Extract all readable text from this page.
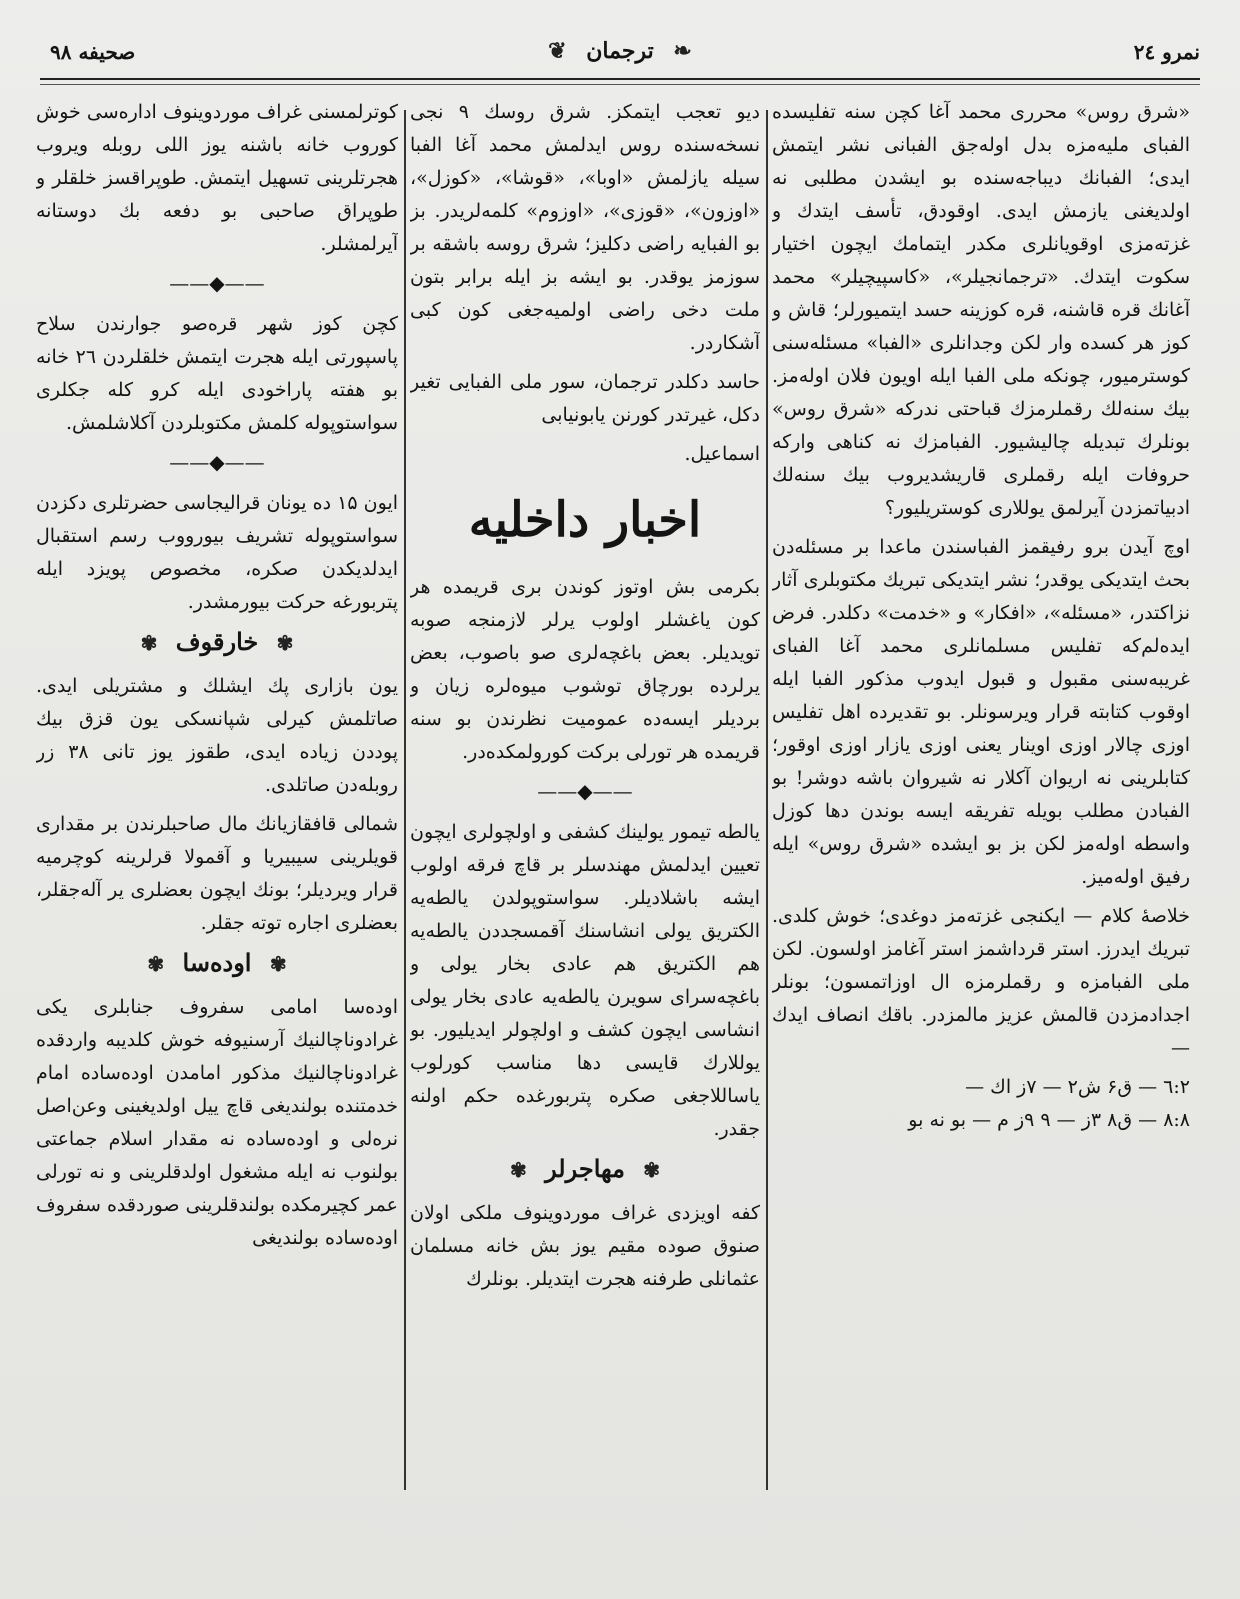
صحیفه ۹۸	❦ ترجمان ❧	نمرو ۲٤

«شرق روس» محرری محمد آغا کچن سنه تفلیسده الفبای ملیه‌مزه بدل اوله‌جق الفبانی نشر ایتمش ایدی؛ الفبانك دیباجه‌سنده بو ایشدن مطلبی نه اولدیغنی یازمش ایدی. اوقودق، تأسف ایتدك و غزته‌مزی اوقویانلری مکدر ایتمامك ایچون اختیار سکوت ایتدك. «ترجمانجیلر»، «کاسپیچیلر» محمد آغانك قره قاشنه، قره کوزینه حسد ایتمیورلر؛ قاش و کوز هر کسده وار لکن وجدانلری «الفبا» مسئله‌سنی کوسترمیور، چونکه ملی الفبا ایله اویون فلان اوله‌مز. بیك سنه‌لك رقملرمزك قباحتی ندرکه «شرق روس» بونلرك تبدیله چالیشیور. الفبامزك نه کناهی وارکه حروفات ایله رقملری قاریشدیروب بیك سنه‌لك ادبیاتمزدن آیرلمق یوللاری کوستریلیور؟

اوچ آیدن برو رفیقمز الفباسندن ماعدا بر مسئله‌دن بحث ایتدیکی یوقدر؛ نشر ایتدیکی تبریك مکتوبلری آثار نزاکتدر، «مسئله»، «افکار» و «خدمت» دکلدر. فرض ایده‌لم‌که تفلیس مسلمانلری محمد آغا الفبای غریبه‌سنی مقبول و قبول ایدوب مذکور الفبا ایله اوقوب کتابته قرار ویرسونلر. بو تقدیرده اهل تفلیس اوزی چالار اوزی اوینار یعنی اوزی یازار اوزی اوقور؛ کتابلرینی نه اریوان آکلار نه شیروان باشه دوشر! بو الفبادن مطلب بویله تفریقه ایسه بوندن دها کوزل واسطه اوله‌مز لکن بز بو ایشده «شرق روس» ایله رفیق اوله‌میز.

خلاصهٔ کلام — ایکنجی غزته‌مز دوغدی؛ خوش کلدی. تبریك ایدرز. استر قرداشمز استر آغامز اولسون. لکن ملی الفبامزه و رقملرمزه ال اوزاتمسون؛ بونلر اجدادمزدن قالمش عزیز مالمزدر. باقك انصاف ایدك —

۲:٦ — ق۶ ش۲ — ۷ز اك —
۸:۸ — ق۸ ۳ز — ۹ ۹ز م — بو نه بو

دیو تعجب ایتمکز. شرق روسك ۹ نجی نسخه‌سنده روس ایدلمش محمد آغا الفبا سیله یازلمش «اوبا»، «قوشا»، «کوزل»، «اوزون»، «قوزی»، «اوزوم» کلمه‌لریدر. بز بو الفبایه راضی دکلیز؛ شرق روسه باشقه بر سوزمز یوقدر. بو ایشه بز ایله برابر بتون ملت دخی راضی اولمیه‌جغی کون کبی آشکاردر.

حاسد دکلدر ترجمان، سور ملی الفبایی تغیر دکل، غیرتدر کورنن یابونیابی

اسماعیل.
اخبار داخلیه

بکرمی بش اوتوز کوندن بری قریمده هر کون یاغشلر اولوب یرلر لازمنجه صوبه تویدیلر. بعض باغچه‌لری صو باصوب، بعض یرلرده بورچاق توشوب میوه‌لره زیان و بردیلر ایسه‌ده عمومیت نظرندن بو سنه قریمده هر تورلی برکت کورولمکده‌در.

——◆——

یالطه تیمور یولینك کشفی و اولچولری ایچون تعیین ایدلمش مهندسلر بر قاچ فرقه اولوب ایشه باشلادیلر. سواستوپولدن یالطه‌یه الکتریق یولی انشاسنك آقمسجددن یالطه‌یه هم الکتریق هم عادی بخار یولی و باغچه‌سرای سویرن یالطه‌یه عادی بخار یولی انشاسی ایچون کشف و اولچولر ایدیلیور. بو یوللارك قایسی دها مناسب کورلوب یاساللاجغی صکره پتربورغده حکم اولنه جقدر.

✾ مهاجرلر ✾

کفه اویزدی غراف موردوینوف ملکی اولان صنوق صوده مقیم یوز بش خانه مسلمان عثمانلی طرفنه هجرت ایتدیلر. بونلرك

کوترلمسنی غراف موردوینوف اداره‌سی خوش کوروب خانه باشنه یوز اللی روبله ویروب هجرتلرینی تسهیل ایتمش. طوپراقسز خلقلر و طوپراق صاحبی بو دفعه بك دوستانه آیرلمشلر.

——◆——

کچن کوز شهر قره‌صو جوارندن سلاح پاسپورتی ایله هجرت ایتمش خلقلردن ۲٦ خانه بو هفته پاراخودی ایله کرو کله جکلری سواستوپوله کلمش مکتوبلردن آکلاشلمش.

——◆——

ایون ۱۵ ده یونان قرالیجاسی حضرتلری دکزدن سواستوپوله تشریف بیورووب رسم استقبال ایدلدیکدن صکره، مخصوص پویزد ایله پتربورغه حرکت بیورمشدر.

✾ خارقوف ✾

یون بازاری پك ایشلك و مشتریلی ایدی. صاتلمش کیرلی شپانسکی یون قزق بیك پوددن زیاده ایدی، طقوز یوز تانی ۳۸ زر روبله‌دن صاتلدی.

شمالی قافقازیانك مال صاحبلرندن بر مقداری قویلرینی سیبیریا و آقمولا قرلرینه کوچرمیه قرار ویردیلر؛ بونك ایچون بعضلری یر آله‌جقلر، بعضلری اجاره تو‌ته جقلر.

✾ اوده‌سا ✾

اوده‌سا امامی سفروف جنابلری یکی غرادوناچالنیك آرسنیوفه خوش کلدیبه واردقده غرادوناچالنیك مذکور امامدن اوده‌ساده امام خدمتنده بولندیغی قاچ ییل اولدیغینی وعن‌اصل نره‌لی و اوده‌ساده نه مقدار اسلام جماعتی بولنوب نه ایله مشغول اولدقلرینی و نه تورلی عمر کچیرمکده بولندقلرینی صوردقده سفروف اوده‌ساده بولندیغی
